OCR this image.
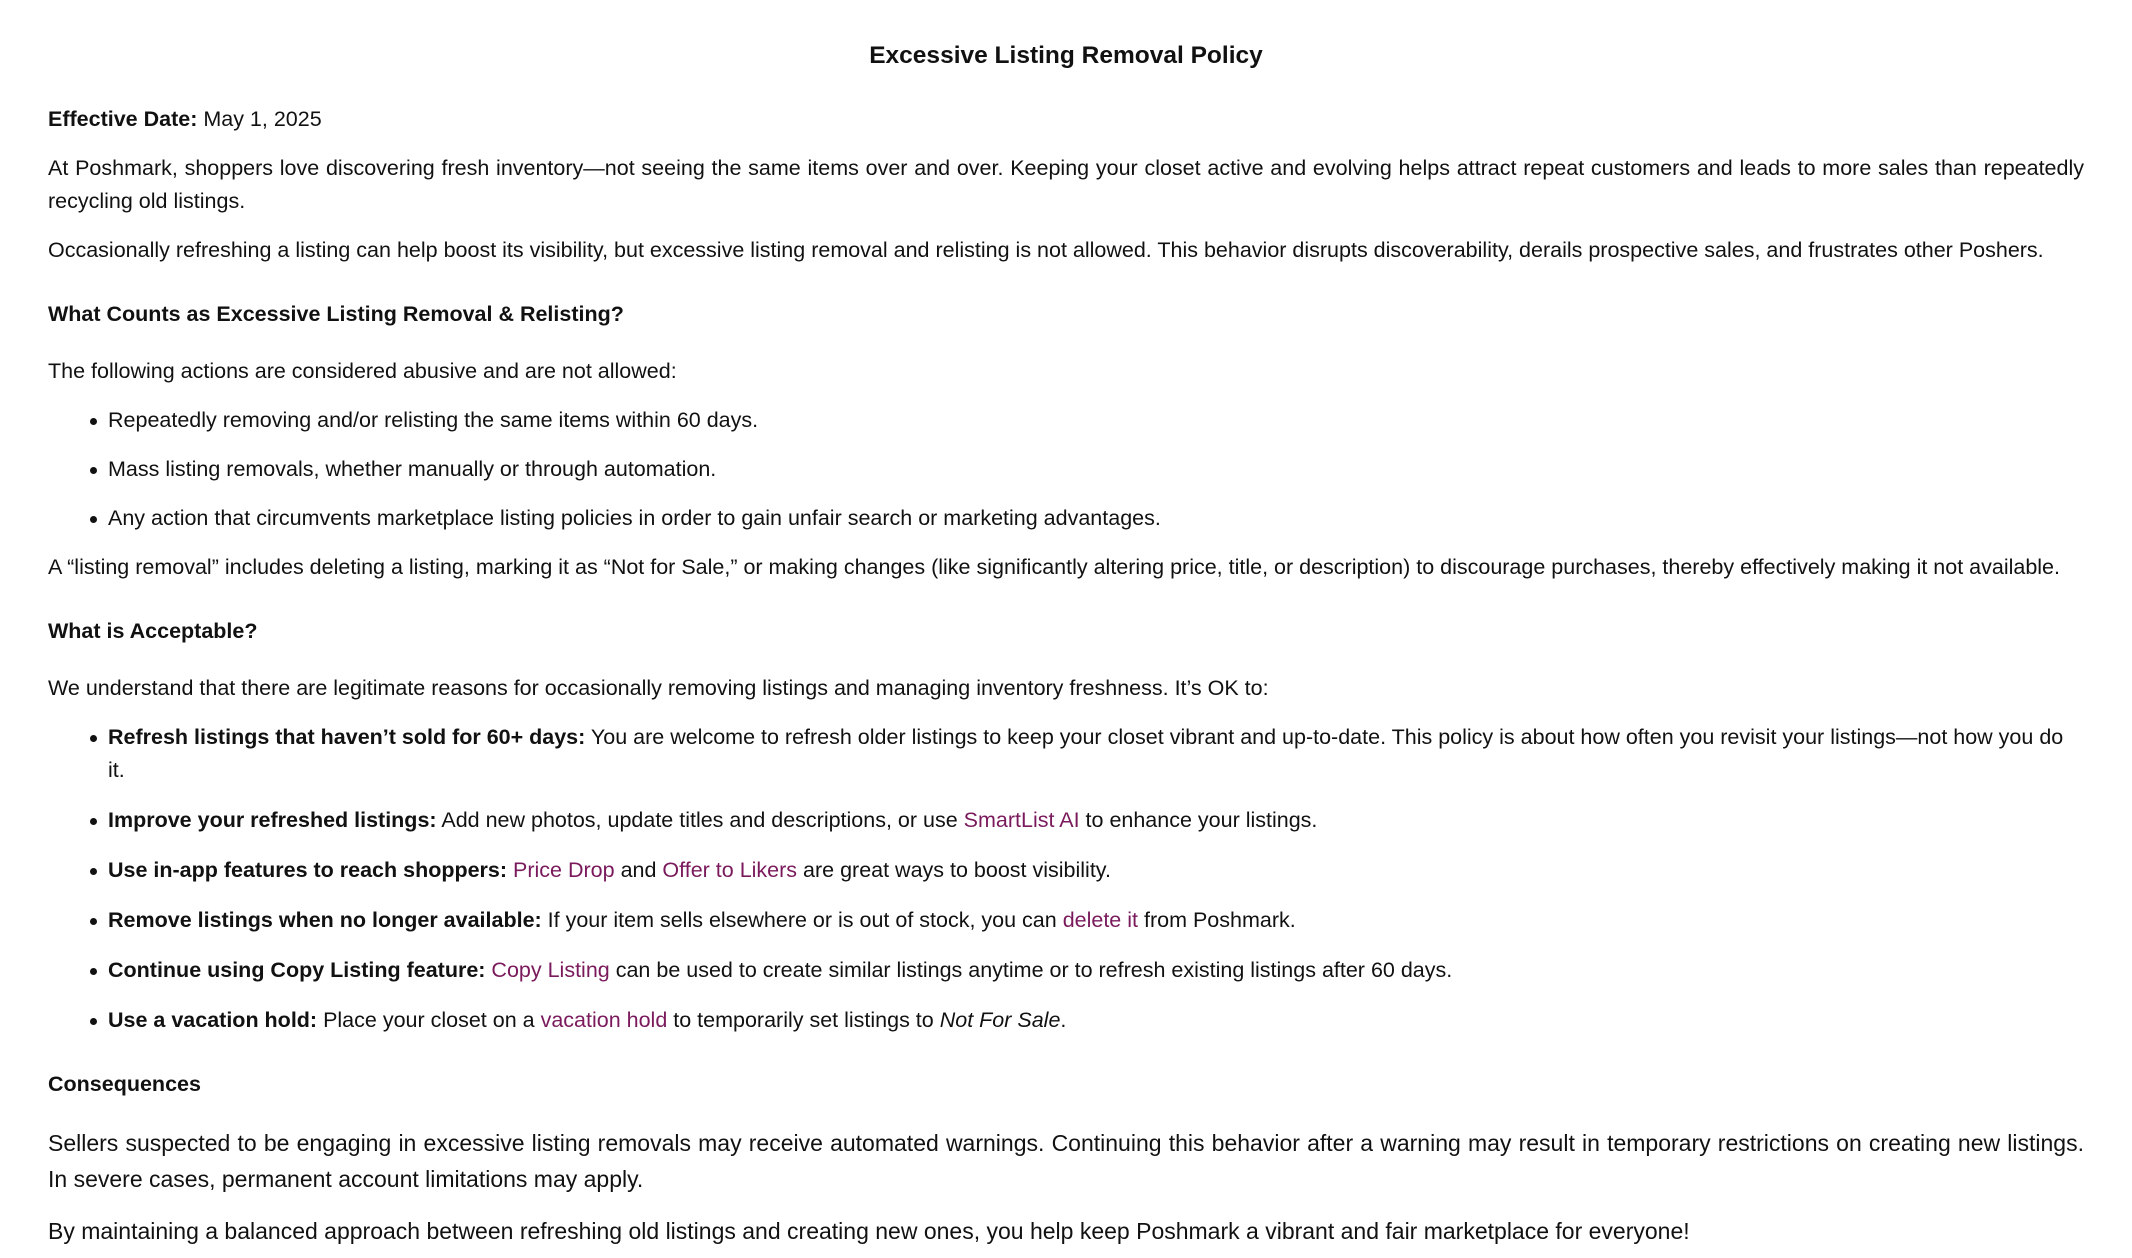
Excessive Listing Removal Policy

Effective Date: May 1, 2025

At Poshmark, shoppers love discovering fresh inventory—not seeing the same items over and over. Keeping your closet active and evolving helps attract repeat customers and leads to more sales than repeatedly recycling old listings.

Occasionally refreshing a listing can help boost its visibility, but excessive listing removal and relisting is not allowed. This behavior disrupts discoverability, derails prospective sales, and frustrates other Poshers.

What Counts as Excessive Listing Removal & Relisting?

The following actions are considered abusive and are not allowed:

Repeatedly removing and/or relisting the same items within 60 days.
Mass listing removals, whether manually or through automation.
Any action that circumvents marketplace listing policies in order to gain unfair search or marketing advantages.

A “listing removal” includes deleting a listing, marking it as “Not for Sale,” or making changes (like significantly altering price, title, or description) to discourage purchases, thereby effectively making it not available.

What is Acceptable?

We understand that there are legitimate reasons for occasionally removing listings and managing inventory freshness. It’s OK to:

Refresh listings that haven’t sold for 60+ days: You are welcome to refresh older listings to keep your closet vibrant and up-to-date. This policy is about how often you revisit your listings—not how you do it.
Improve your refreshed listings: Add new photos, update titles and descriptions, or use SmartList AI to enhance your listings.
Use in-app features to reach shoppers: Price Drop and Offer to Likers are great ways to boost visibility.
Remove listings when no longer available: If your item sells elsewhere or is out of stock, you can delete it from Poshmark.
Continue using Copy Listing feature: Copy Listing can be used to create similar listings anytime or to refresh existing listings after 60 days.
Use a vacation hold: Place your closet on a vacation hold to temporarily set listings to Not For Sale.
Consequences

Sellers suspected to be engaging in excessive listing removals may receive automated warnings. Continuing this behavior after a warning may result in temporary restrictions on creating new listings. In severe cases, permanent account limitations may apply.

By maintaining a balanced approach between refreshing old listings and creating new ones, you help keep Poshmark a vibrant and fair marketplace for everyone!
